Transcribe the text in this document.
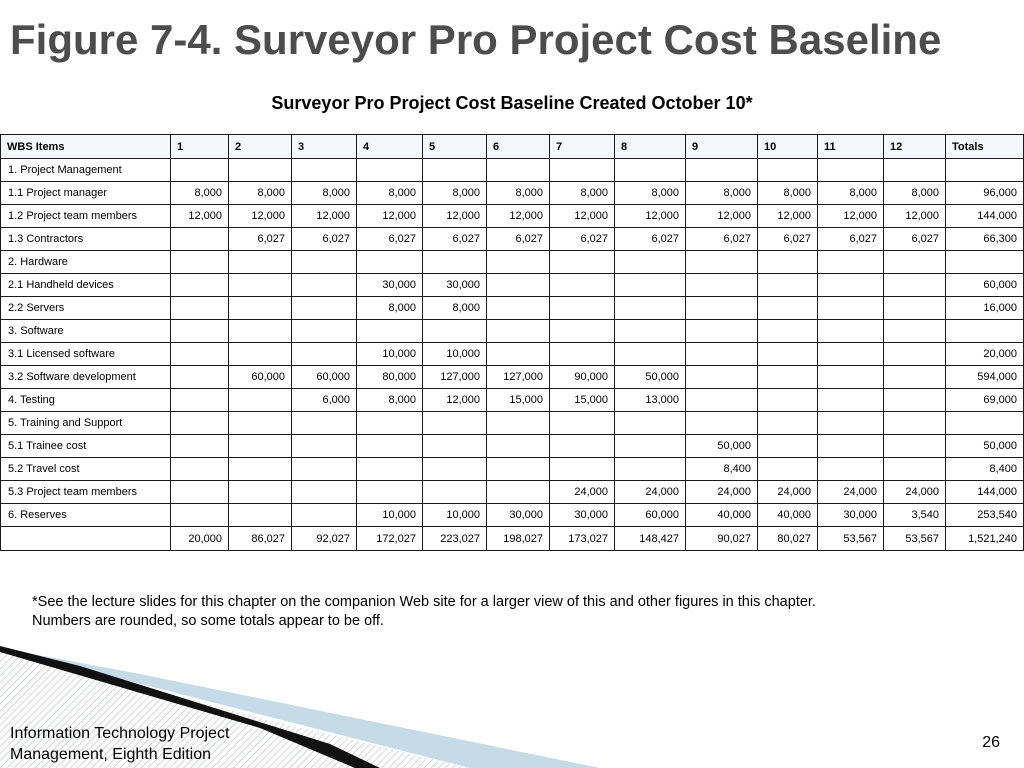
Figure 7-4. Surveyor Pro Project Cost Baseline
Surveyor Pro Project Cost Baseline Created October 10*
WBS Items	1	2	3	4	5	6	7	8	9	10	11	12	Totals
1. Project Management													
1.1 Project manager	8,000	8,000	8,000	8,000	8,000	8,000	8,000	8,000	8,000	8,000	8,000	8,000	96,000
1.2 Project team members	12,000	12,000	12,000	12,000	12,000	12,000	12,000	12,000	12,000	12,000	12,000	12,000	144,000
1.3 Contractors		6,027	6,027	6,027	6,027	6,027	6,027	6,027	6,027	6,027	6,027	6,027	66,300
2. Hardware													
2.1 Handheld devices				30,000	30,000								60,000
2.2 Servers				8,000	8,000								16,000
3. Software													
3.1 Licensed software				10,000	10,000								20,000
3.2 Software development		60,000	60,000	80,000	127,000	127,000	90,000	50,000					594,000
4. Testing			6,000	8,000	12,000	15,000	15,000	13,000					69,000
5. Training and Support													
5.1 Trainee cost									50,000				50,000
5.2 Travel cost									8,400				8,400
5.3 Project team members							24,000	24,000	24,000	24,000	24,000	24,000	144,000
6. Reserves				10,000	10,000	30,000	30,000	60,000	40,000	40,000	30,000	3,540	253,540
	20,000	86,027	92,027	172,027	223,027	198,027	173,027	148,427	90,027	80,027	53,567	53,567	1,521,240
*See the lecture slides for this chapter on the companion Web site for a larger view of this and other figures in this chapter.
Numbers are rounded, so some totals appear to be off.
Information Technology Project
Management, Eighth Edition
26
